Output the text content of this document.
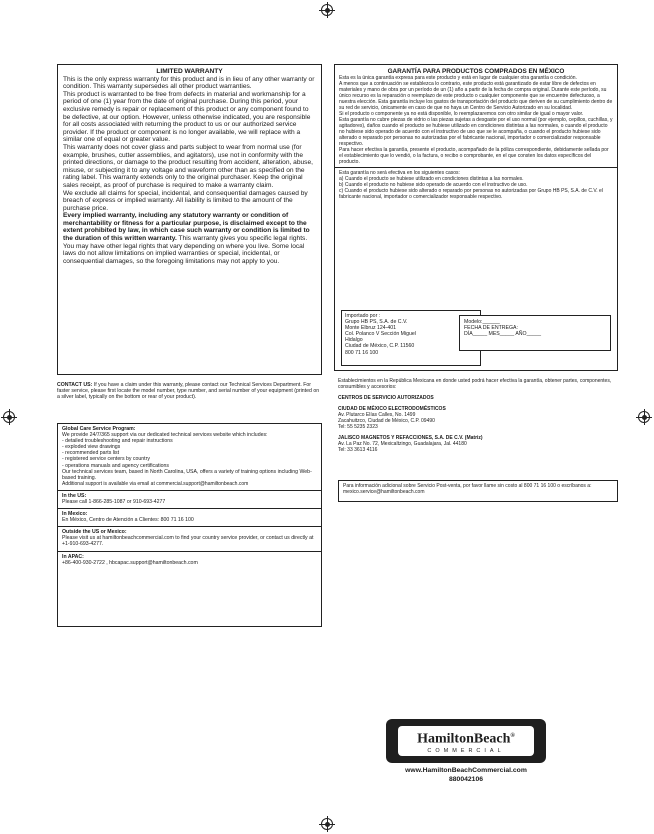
LIMITED WARRANTY

This is the only express warranty for this product and is in lieu of any other warranty or condition. This warranty supersedes all other product warranties.

This product is warranted to be free from defects in material and workmanship for a period of one (1) year from the date of original purchase. During this period, your exclusive remedy is repair or replacement of this product or any component found to be defective, at our option. However, unless otherwise indicated, you are responsible for all costs associated with returning the product to us or our authorized service provider. If the product or component is no longer available, we will replace with a similar one of equal or greater value.

This warranty does not cover glass and parts subject to wear from normal use (for example, brushes, cutter assemblies, and agitators), use not in conformity with the printed directions, or damage to the product resulting from accident, alteration, abuse, misuse, or subjecting it to any voltage and waveform other than as specified on the rating label. This warranty extends only to the original purchaser. Keep the original sales receipt, as proof of purchase is required to make a warranty claim.

We exclude all claims for special, incidental, and consequential damages caused by breach of express or implied warranty. All liability is limited to the amount of the purchase price.

Every implied warranty, including any statutory warranty or condition of merchantability or fitness for a particular purpose, is disclaimed except to the extent prohibited by law, in which case such warranty or condition is limited to the duration of this written warranty. This warranty gives you specific legal rights. You may have other legal rights that vary depending on where you live. Some local laws do not allow limitations on implied warranties or special, incidental, or consequential damages, so the foregoing limitations may not apply to you.

CONTACT US: If you have a claim under this warranty, please contact our Technical Services Department. For faster service, please first locate the model number, type number, and serial number of your equipment (printed on a silver label, typically on the bottom or rear of your product).

Global Care Service Program:

We provide 24/7/365 support via our dedicated technical services website which includes:

- detailed troubleshooting and repair instructions

- exploded view drawings

- recommended parts list

- registered service centers by country

- operations manuals and agency certifications

Our technical services team, based in North Carolina, USA, offers a variety of training options including Web-based training.

Additional support is available via email at commercial.support@hamiltonbeach.com

In the US:

Please call 1-866-285-1087 or 910-693-4277

In Mexico:

En México, Centro de Atención a Clientes: 800 71 16 100

Outside the US or Mexico:

Please visit us at hamiltonbeachcommercial.com to find your country service provider, or contact us directly at +1-910-693-4277.

In APAC:

+86-400-930-2722 , hbcapac.support@hamiltonbeach.com

GARANTÍA PARA PRODUCTOS COMPRADOS EN MÉXICO

Esta es la única garantía expresa para este producto y está en lugar de cualquier otra garantía o condición.

A menos que a continuación se establezca lo contrario, este producto está garantizado de estar libre de defectos en materiales y mano de obra por un período de un (1) año a partir de la fecha de compra original. Durante este período, su único recurso es la reparación o reemplazo de este producto o cualquier componente que se encuentre defectuoso, a nuestra elección. Esta garantía incluye los gastos de transportación del producto que deriven de su cumplimiento dentro de su red de servicio, únicamente en caso de que no haya un Centro de Servicio Autorizado en su localidad.

Si el producto o componente ya no está disponible, lo reemplazaremos con otro similar de igual o mayor valor.

Esta garantía no cubre piezas de vidrio o las piezas sujetas a desgaste por el uso normal (por ejemplo, cepillos, cuchillas, y agitadores), daños cuando el producto se hubiese utilizado en condiciones distintas a las normales, o cuando el producto no hubiese sido operado de acuerdo con el instructivo de uso que se le acompaña, o cuando el producto hubiese sido alterado o reparado por personas no autorizadas por el fabricante nacional, importador o comercializador responsable respectivo.

Para hacer efectiva la garantía, presente el producto, acompañado de la póliza correspondiente, debidamente sellada por el establecimiento que lo vendió, o la factura, o recibo o comprobante, en el que consten los datos específicos del producto.

Esta garantía no será efectiva en los siguientes casos:

a) Cuando el producto se hubiese utilizado en condiciones distintas a las normales.

b) Cuando el producto no hubiese sido operado de acuerdo con el instructivo de uso.

c) Cuando el producto hubiese sido alterado o reparado por personas no autorizadas por Grupo HB PS, S.A. de C.V. el fabricante nacional, importador o comercializador responsable respectivo.

Importado por :

Grupo HB PS, S.A. de C.V.

Monte Elbruz 124-401

Col. Polanco V Sección Miguel

Hidalgo

Ciudad de México, C.P. 11560

800 71 16 100

Modelo:______

FECHA DE ENTREGA:

DÍA_____ MES_____ AÑO_____

Establecimientos en la República Mexicana en donde usted podrá hacer efectiva la garantía, obtener partes, componentes, consumibles y accesorios:

CENTROS DE SERVICIO AUTORIZADOS

CIUDAD DE MÉXICO ELECTRODOMÉSTICOS

Av. Plutarco Elías Calles, No. 1499

Zacahuitzco, Ciudad de México, C.P. 09490

Tel: 55 5235 2323

JALISCO MAGNETOS Y REFACCIONES, S.A. DE C.V. (Matriz)

Av. La Paz No. 72, Mexicaltzingo, Guadalajara, Jal. 44180

Tel: 33 3613 4116

Para información adicional sobre Servicio Post-venta, por favor llame sin costo al 800 71 16 100 o escríbanos a: mexico.service@hamiltonbeach.com

HamiltonBeach®
COMMERCIAL
www.HamiltonBeachCommercial.com
880042106
